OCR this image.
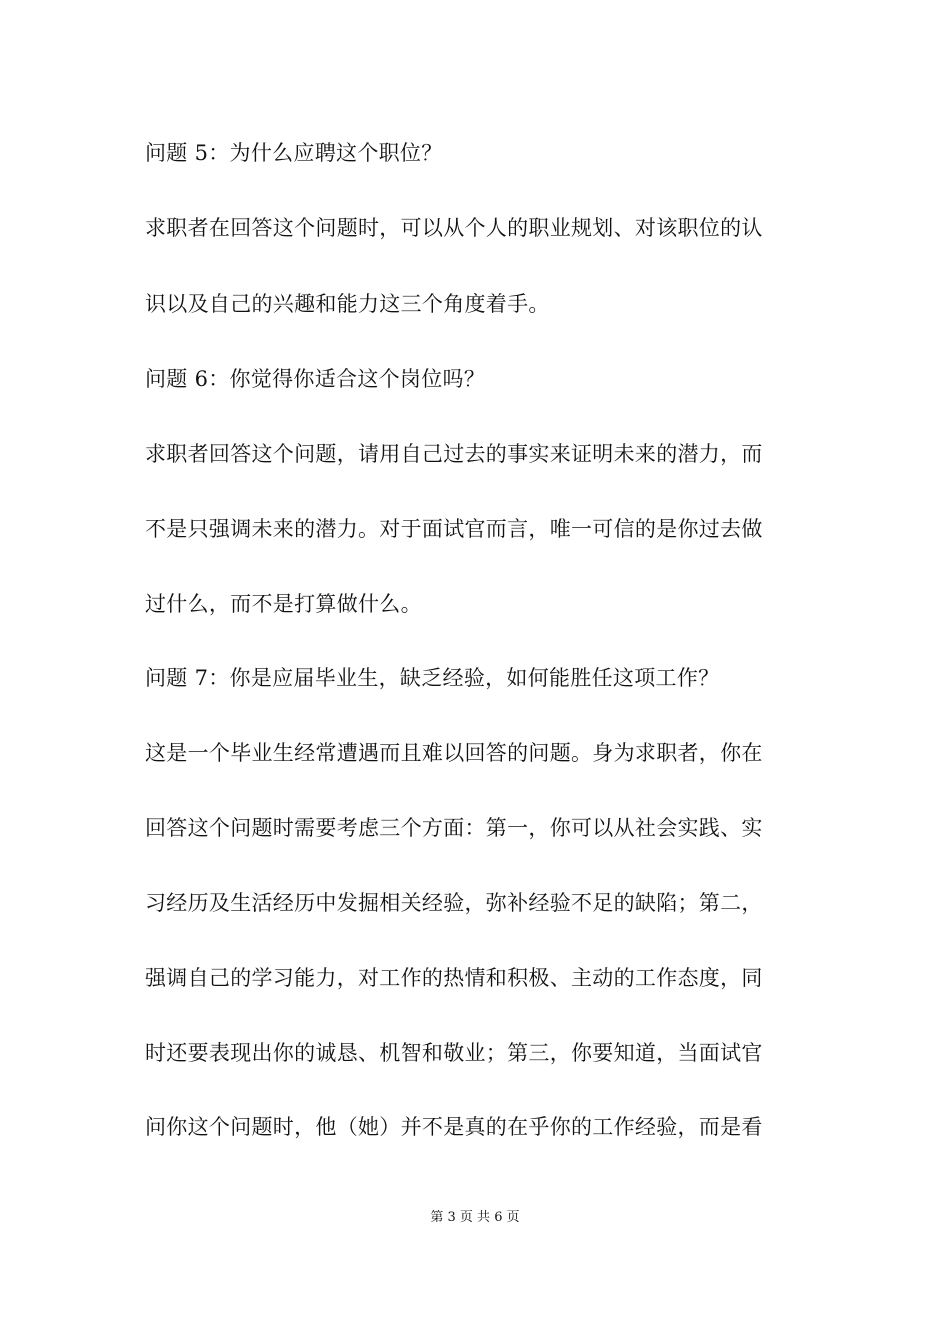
问题 5：为什么应聘这个职位？
求职者在回答这个问题时，可以从个人的职业规划、对该职位的认
识以及自己的兴趣和能力这三个角度着手。
问题 6：你觉得你适合这个岗位吗？
求职者回答这个问题，请用自己过去的事实来证明未来的潜力，而
不是只强调未来的潜力。对于面试官而言，唯一可信的是你过去做
过什么，而不是打算做什么。
问题 7：你是应届毕业生，缺乏经验，如何能胜任这项工作？
这是一个毕业生经常遭遇而且难以回答的问题。身为求职者，你在
回答这个问题时需要考虑三个方面：第一，你可以从社会实践、实
习经历及生活经历中发掘相关经验，弥补经验不足的缺陷；第二，
强调自己的学习能力，对工作的热情和积极、主动的工作态度，同
时还要表现出你的诚恳、机智和敬业；第三，你要知道，当面试官
问你这个问题时，他（她）并不是真的在乎你的工作经验，而是看
第 3 页 共 6 页
